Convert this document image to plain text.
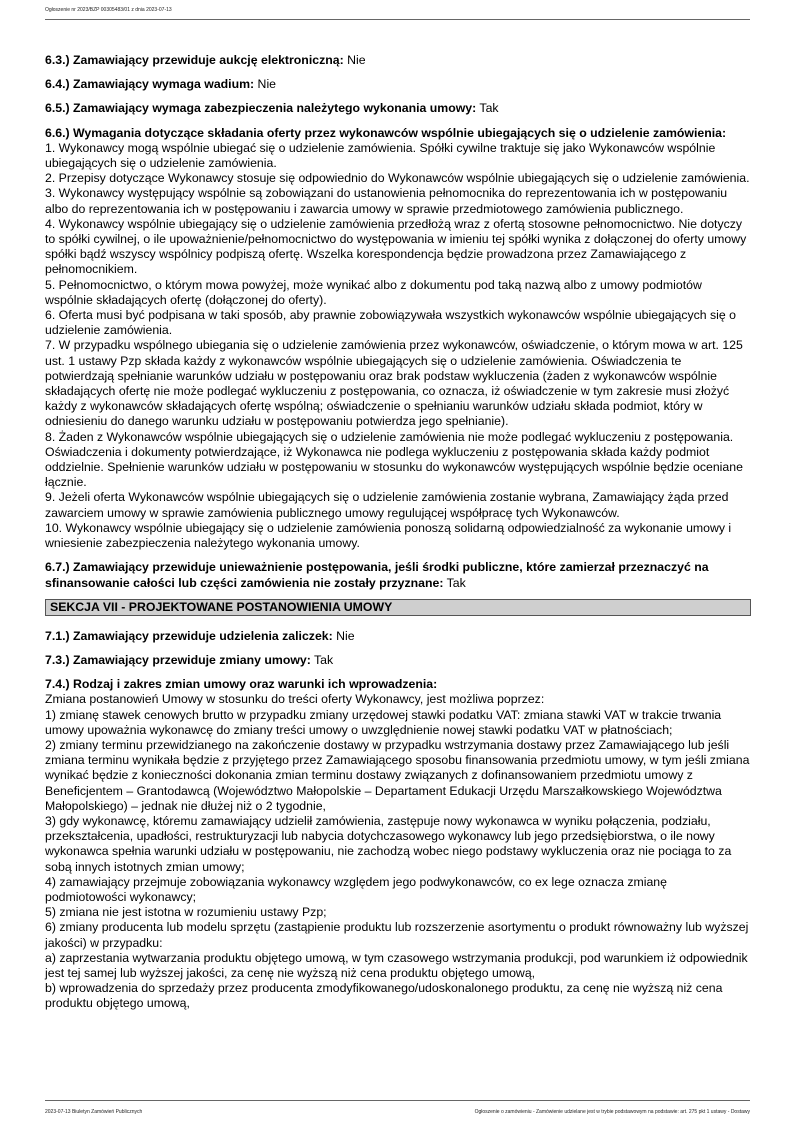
Ogłoszenie nr 2023/BZP 00305483/01 z dnia 2023-07-13

6.3.) Zamawiający przewiduje aukcję elektroniczną: Nie

6.4.) Zamawiający wymaga wadium: Nie

6.5.) Zamawiający wymaga zabezpieczenia należytego wykonania umowy: Tak

6.6.) Wymagania dotyczące składania oferty przez wykonawców wspólnie ubiegających się o udzielenie zamówienia:

1. Wykonawcy mogą wspólnie ubiegać się o udzielenie zamówienia. Spółki cywilne traktuje się jako Wykonawców wspólnie ubiegających się o udzielenie zamówienia.

2. Przepisy dotyczące Wykonawcy stosuje się odpowiednio do Wykonawców wspólnie ubiegających się o udzielenie zamówienia.

3. Wykonawcy występujący wspólnie są zobowiązani do ustanowienia pełnomocnika do reprezentowania ich w postępowaniu albo do reprezentowania ich w postępowaniu i zawarcia umowy w sprawie przedmiotowego zamówienia publicznego.

4. Wykonawcy wspólnie ubiegający się o udzielenie zamówienia przedłożą wraz z ofertą stosowne pełnomocnictwo. Nie dotyczy to spółki cywilnej, o ile upoważnienie/pełnomocnictwo do występowania w imieniu tej spółki wynika z dołączonej do oferty umowy spółki bądź wszyscy wspólnicy podpiszą ofertę. Wszelka korespondencja będzie prowadzona przez Zamawiającego z pełnomocnikiem.

5. Pełnomocnictwo, o którym mowa powyżej, może wynikać albo z dokumentu pod taką nazwą albo z umowy podmiotów wspólnie składających ofertę (dołączonej do oferty).

6. Oferta musi być podpisana w taki sposób, aby prawnie zobowiązywała wszystkich wykonawców wspólnie ubiegających się o udzielenie zamówienia.

7. W przypadku wspólnego ubiegania się o udzielenie zamówienia przez wykonawców, oświadczenie, o którym mowa w art. 125 ust. 1 ustawy Pzp składa każdy z wykonawców wspólnie ubiegających się o udzielenie zamówienia. Oświadczenia te potwierdzają spełnianie warunków udziału w postępowaniu oraz brak podstaw wykluczenia (żaden z wykonawców wspólnie składających ofertę nie może podlegać wykluczeniu z postępowania, co oznacza, iż oświadczenie w tym zakresie musi złożyć każdy z wykonawców składających ofertę wspólną; oświadczenie o spełnianiu warunków udziału składa podmiot, który w odniesieniu do danego warunku udziału w postępowaniu potwierdza jego spełnianie).

8. Żaden z Wykonawców wspólnie ubiegających się o udzielenie zamówienia nie może podlegać wykluczeniu z postępowania. Oświadczenia i dokumenty potwierdzające, iż Wykonawca nie podlega wykluczeniu z postępowania składa każdy podmiot oddzielnie. Spełnienie warunków udziału w postępowaniu w stosunku do wykonawców występujących wspólnie będzie oceniane łącznie.

9. Jeżeli oferta Wykonawców wspólnie ubiegających się o udzielenie zamówienia zostanie wybrana, Zamawiający żąda przed zawarciem umowy w sprawie zamówienia publicznego umowy regulującej współpracę tych Wykonawców.

10. Wykonawcy wspólnie ubiegający się o udzielenie zamówienia ponoszą solidarną odpowiedzialność za wykonanie umowy i wniesienie zabezpieczenia należytego wykonania umowy.

6.7.) Zamawiający przewiduje unieważnienie postępowania, jeśli środki publiczne, które zamierzał przeznaczyć na sfinansowanie całości lub części zamówienia nie zostały przyznane: Tak

SEKCJA VII - PROJEKTOWANE POSTANOWIENIA UMOWY

7.1.) Zamawiający przewiduje udzielenia zaliczek: Nie

7.3.) Zamawiający przewiduje zmiany umowy: Tak

7.4.) Rodzaj i zakres zmian umowy oraz warunki ich wprowadzenia:

Zmiana postanowień Umowy w stosunku do treści oferty Wykonawcy, jest możliwa poprzez:

1) zmianę stawek cenowych brutto w przypadku zmiany urzędowej stawki podatku VAT: zmiana stawki VAT w trakcie trwania umowy upoważnia wykonawcę do zmiany treści umowy o uwzględnienie nowej stawki podatku VAT w płatnościach;

2) zmiany terminu przewidzianego na zakończenie dostawy w przypadku wstrzymania dostawy przez Zamawiającego lub jeśli zmiana terminu wynikała będzie z przyjętego przez Zamawiającego sposobu finansowania przedmiotu umowy, w tym jeśli zmiana wynikać będzie z konieczności dokonania zmian terminu dostawy związanych z dofinansowaniem przedmiotu umowy z Beneficjentem – Grantodawcą (Województwo Małopolskie – Departament Edukacji Urzędu Marszałkowskiego Województwa Małopolskiego) – jednak nie dłużej niż o 2 tygodnie,

3) gdy wykonawcę, któremu zamawiający udzielił zamówienia, zastępuje nowy wykonawca w wyniku połączenia, podziału, przekształcenia, upadłości, restrukturyzacji lub nabycia dotychczasowego wykonawcy lub jego przedsiębiorstwa, o ile nowy wykonawca spełnia warunki udziału w postępowaniu, nie zachodzą wobec niego podstawy wykluczenia oraz nie pociąga to za sobą innych istotnych zmian umowy;

4) zamawiający przejmuje zobowiązania wykonawcy względem jego podwykonawców, co ex lege oznacza zmianę podmiotowości wykonawcy;

5) zmiana nie jest istotna w rozumieniu ustawy Pzp;

6) zmiany producenta lub modelu sprzętu (zastąpienie produktu lub rozszerzenie asortymentu o produkt równoważny lub wyższej jakości) w przypadku:

a) zaprzestania wytwarzania produktu objętego umową, w tym czasowego wstrzymania produkcji, pod warunkiem iż odpowiednik jest tej samej lub wyższej jakości, za cenę nie wyższą niż cena produktu objętego umową,

b) wprowadzenia do sprzedaży przez producenta zmodyfikowanego/udoskonalonego produktu, za cenę nie wyższą niż cena produktu objętego umową,

2023-07-13 Biuletyn Zamówień Publicznych	Ogłoszenie o zamówieniu - Zamówienie udzielane jest w trybie podstawowym na podstawie: art. 275 pkt 1 ustawy - Dostawy
